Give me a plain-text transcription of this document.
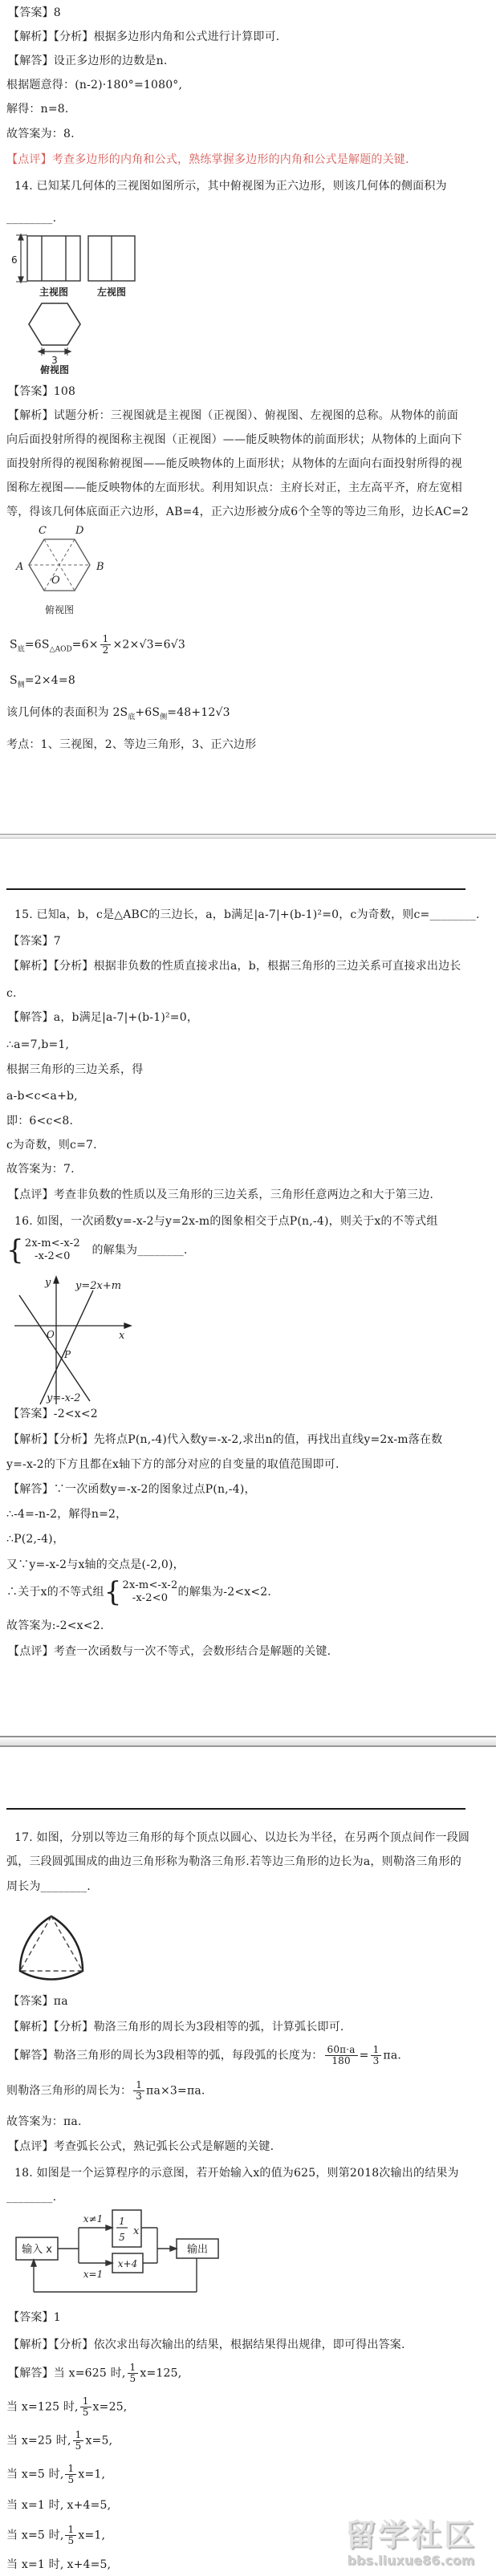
【答案】8
【解析】【分析】根据多边形内角和公式进行计算即可.
【解答】设正多边形的边数是n.
根据题意得：(n-2)·180°=1080°,
解得：n=8.
故答案为：8.
【点评】考查多边形的内角和公式，熟练掌握多边形的内角和公式是解题的关键.
14. 已知某几何体的三视图如图所示，其中俯视图为正六边形，则该几何体的侧面积为
________.
6
主视图	左视图
3
俯视图
【答案】108
【解析】试题分析：三视图就是主视图（正视图）、俯视图、左视图的总称。从物体的前面
向后面投射所得的视图称主视图（正视图）——能反映物体的前面形状；从物体的上面向下
面投射所得的视图称俯视图——能反映物体的上面形状；从物体的左面向右面投射所得的视
图称左视图——能反映物体的左面形状。利用知识点：主府长对正，主左高平齐，府左宽相
等，得该几何体底面正六边形，AB=4，正六边形被分成6个全等的等边三角形，边长AC=2
C	D
A	B
O
俯视图
$S_底=6S_{\triangle AOD}=6\times \frac{1}{2} \times 2\times√3=6√3$
$S_侧=2\times 4=8$
该几何体的表面积为 $2S_底+6S_侧=48+12√3$
考点：1、三视图，2、等边三角形，3、正六边形
15. 已知a，b，c是△ABC的三边长，a，b满足|a-7|+(b-1)²=0，c为奇数，则c=________.
【答案】7
【解析】【分析】根据非负数的性质直接求出a，b，根据三角形的三边关系可直接求出边长
c.
【解答】a，b满足|a-7|+(b-1)²=0，
∴a=7,b=1,
根据三角形的三边关系，得
a-b<c<a+b,
即：6<c<8.
c为奇数，则c=7.
故答案为：7.
【点评】考查非负数的性质以及三角形的三边关系，三角形任意两边之和大于第三边.
16. 如图，一次函数y=-x-2与y=2x-m的图象相交于点P(n,-4)，则关于x的不等式组
{ 2x-m<-x-2
-x-2<0	的解集为________.
y
x
O
P
y=2x+m
y=-x-2
【答案】-2<x<2
【解析】【分析】先将点P(n,-4)代入数y=-x-2,求出n的值，再找出直线y=2x-m落在数
y=-x-2的下方且都在x轴下方的部分对应的自变量的取值范围即可.
【解答】∵一次函数y=-x-2的图象过点P(n,-4)，
∴-4=-n-2，解得n=2，
∴P(2,-4)，
又∵y=-x-2与x轴的交点是(-2,0)，
∴关于x的不等式组 { 2x-m<-x-2
-x-2<0 的解集为-2<x<2.
故答案为:-2<x<2.
【点评】考查一次函数与一次不等式，会数形结合是解题的关键.
17. 如图，分别以等边三角形的每个顶点以圆心、以边长为半径，在另两个顶点间作一段圆
弧，三段圆弧围成的曲边三角形称为勒洛三角形.若等边三角形的边长为a，则勒洛三角形的
周长为________.
【答案】πa
【解析】【分析】勒洛三角形的周长为3段相等的弧，计算弧长即可.
【解答】勒洛三角形的周长为3段相等的弧，每段弧的长度为： $\frac{60\pi\cdot a}{180} = \frac{1}{3} \pi a$.
则勒洛三角形的周长为： $\frac{1}{3} \pi a\times 3=\pi a$.
故答案为：πa.
【点评】考查弧长公式，熟记弧长公式是解题的关键.
18. 如图是一个运算程序的示意图，若开始输入x的值为625，则第2018次输出的结果为
________.
输入 x
x≠1
x=1
1
5 x
x+4
输出
【答案】1
【解析】【分析】依次求出每次输出的结果，根据结果得出规律，即可得出答案.
【解答】当 x=625 时, $\frac{1}{5} x=125$,
当 x=125 时, $\frac{1}{5} x=25$,
当 x=25 时, $\frac{1}{5} x=5$,
当 x=5 时, $\frac{1}{5} x=1$,
当 x=1 时, x+4=5,
当 x=5 时, $\frac{1}{5} x=1$,
当 x=1 时, x+4=5,
留学社区
bbs.liuxue86.com
